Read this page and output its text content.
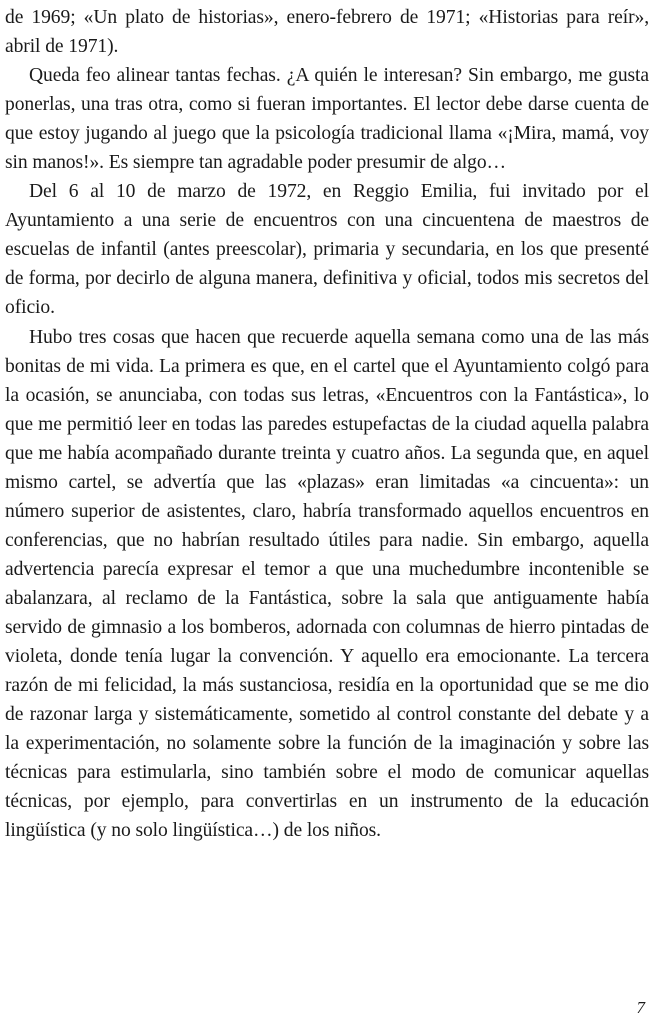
de 1969; «Un plato de historias», enero-febrero de 1971; «Historias para reír», abril de 1971).

Queda feo alinear tantas fechas. ¿A quién le interesan? Sin embargo, me gusta ponerlas, una tras otra, como si fueran importantes. El lector debe darse cuenta de que estoy jugando al juego que la psicología tradicional llama «¡Mira, mamá, voy sin manos!». Es siempre tan agradable poder presumir de algo…

Del 6 al 10 de marzo de 1972, en Reggio Emilia, fui invitado por el Ayuntamiento a una serie de encuentros con una cincuentena de maestros de escuelas de infantil (antes preescolar), primaria y secundaria, en los que presenté de forma, por decirlo de alguna manera, definitiva y oficial, todos mis secretos del oficio.

Hubo tres cosas que hacen que recuerde aquella semana como una de las más bonitas de mi vida. La primera es que, en el cartel que el Ayuntamiento colgó para la ocasión, se anunciaba, con todas sus letras, «Encuentros con la Fantástica», lo que me permitió leer en todas las paredes estupefactas de la ciudad aquella palabra que me había acompañado durante treinta y cuatro años. La segunda que, en aquel mismo cartel, se advertía que las «plazas» eran limitadas «a cincuenta»: un número superior de asistentes, claro, habría transformado aquellos encuentros en conferencias, que no habrían resultado útiles para nadie. Sin embargo, aquella advertencia parecía expresar el temor a que una muchedumbre incontenible se abalanzara, al reclamo de la Fantástica, sobre la sala que antiguamente había servido de gimnasio a los bomberos, adornada con columnas de hierro pintadas de violeta, donde tenía lugar la convención. Y aquello era emocionante. La tercera razón de mi felicidad, la más sustanciosa, residía en la oportunidad que se me dio de razonar larga y sistemáticamente, sometido al control constante del debate y a la experimentación, no solamente sobre la función de la imaginación y sobre las técnicas para estimularla, sino también sobre el modo de comunicar aquellas técnicas, por ejemplo, para convertirlas en un instrumento de la educación lingüística (y no solo lingüística…) de los niños.

7
